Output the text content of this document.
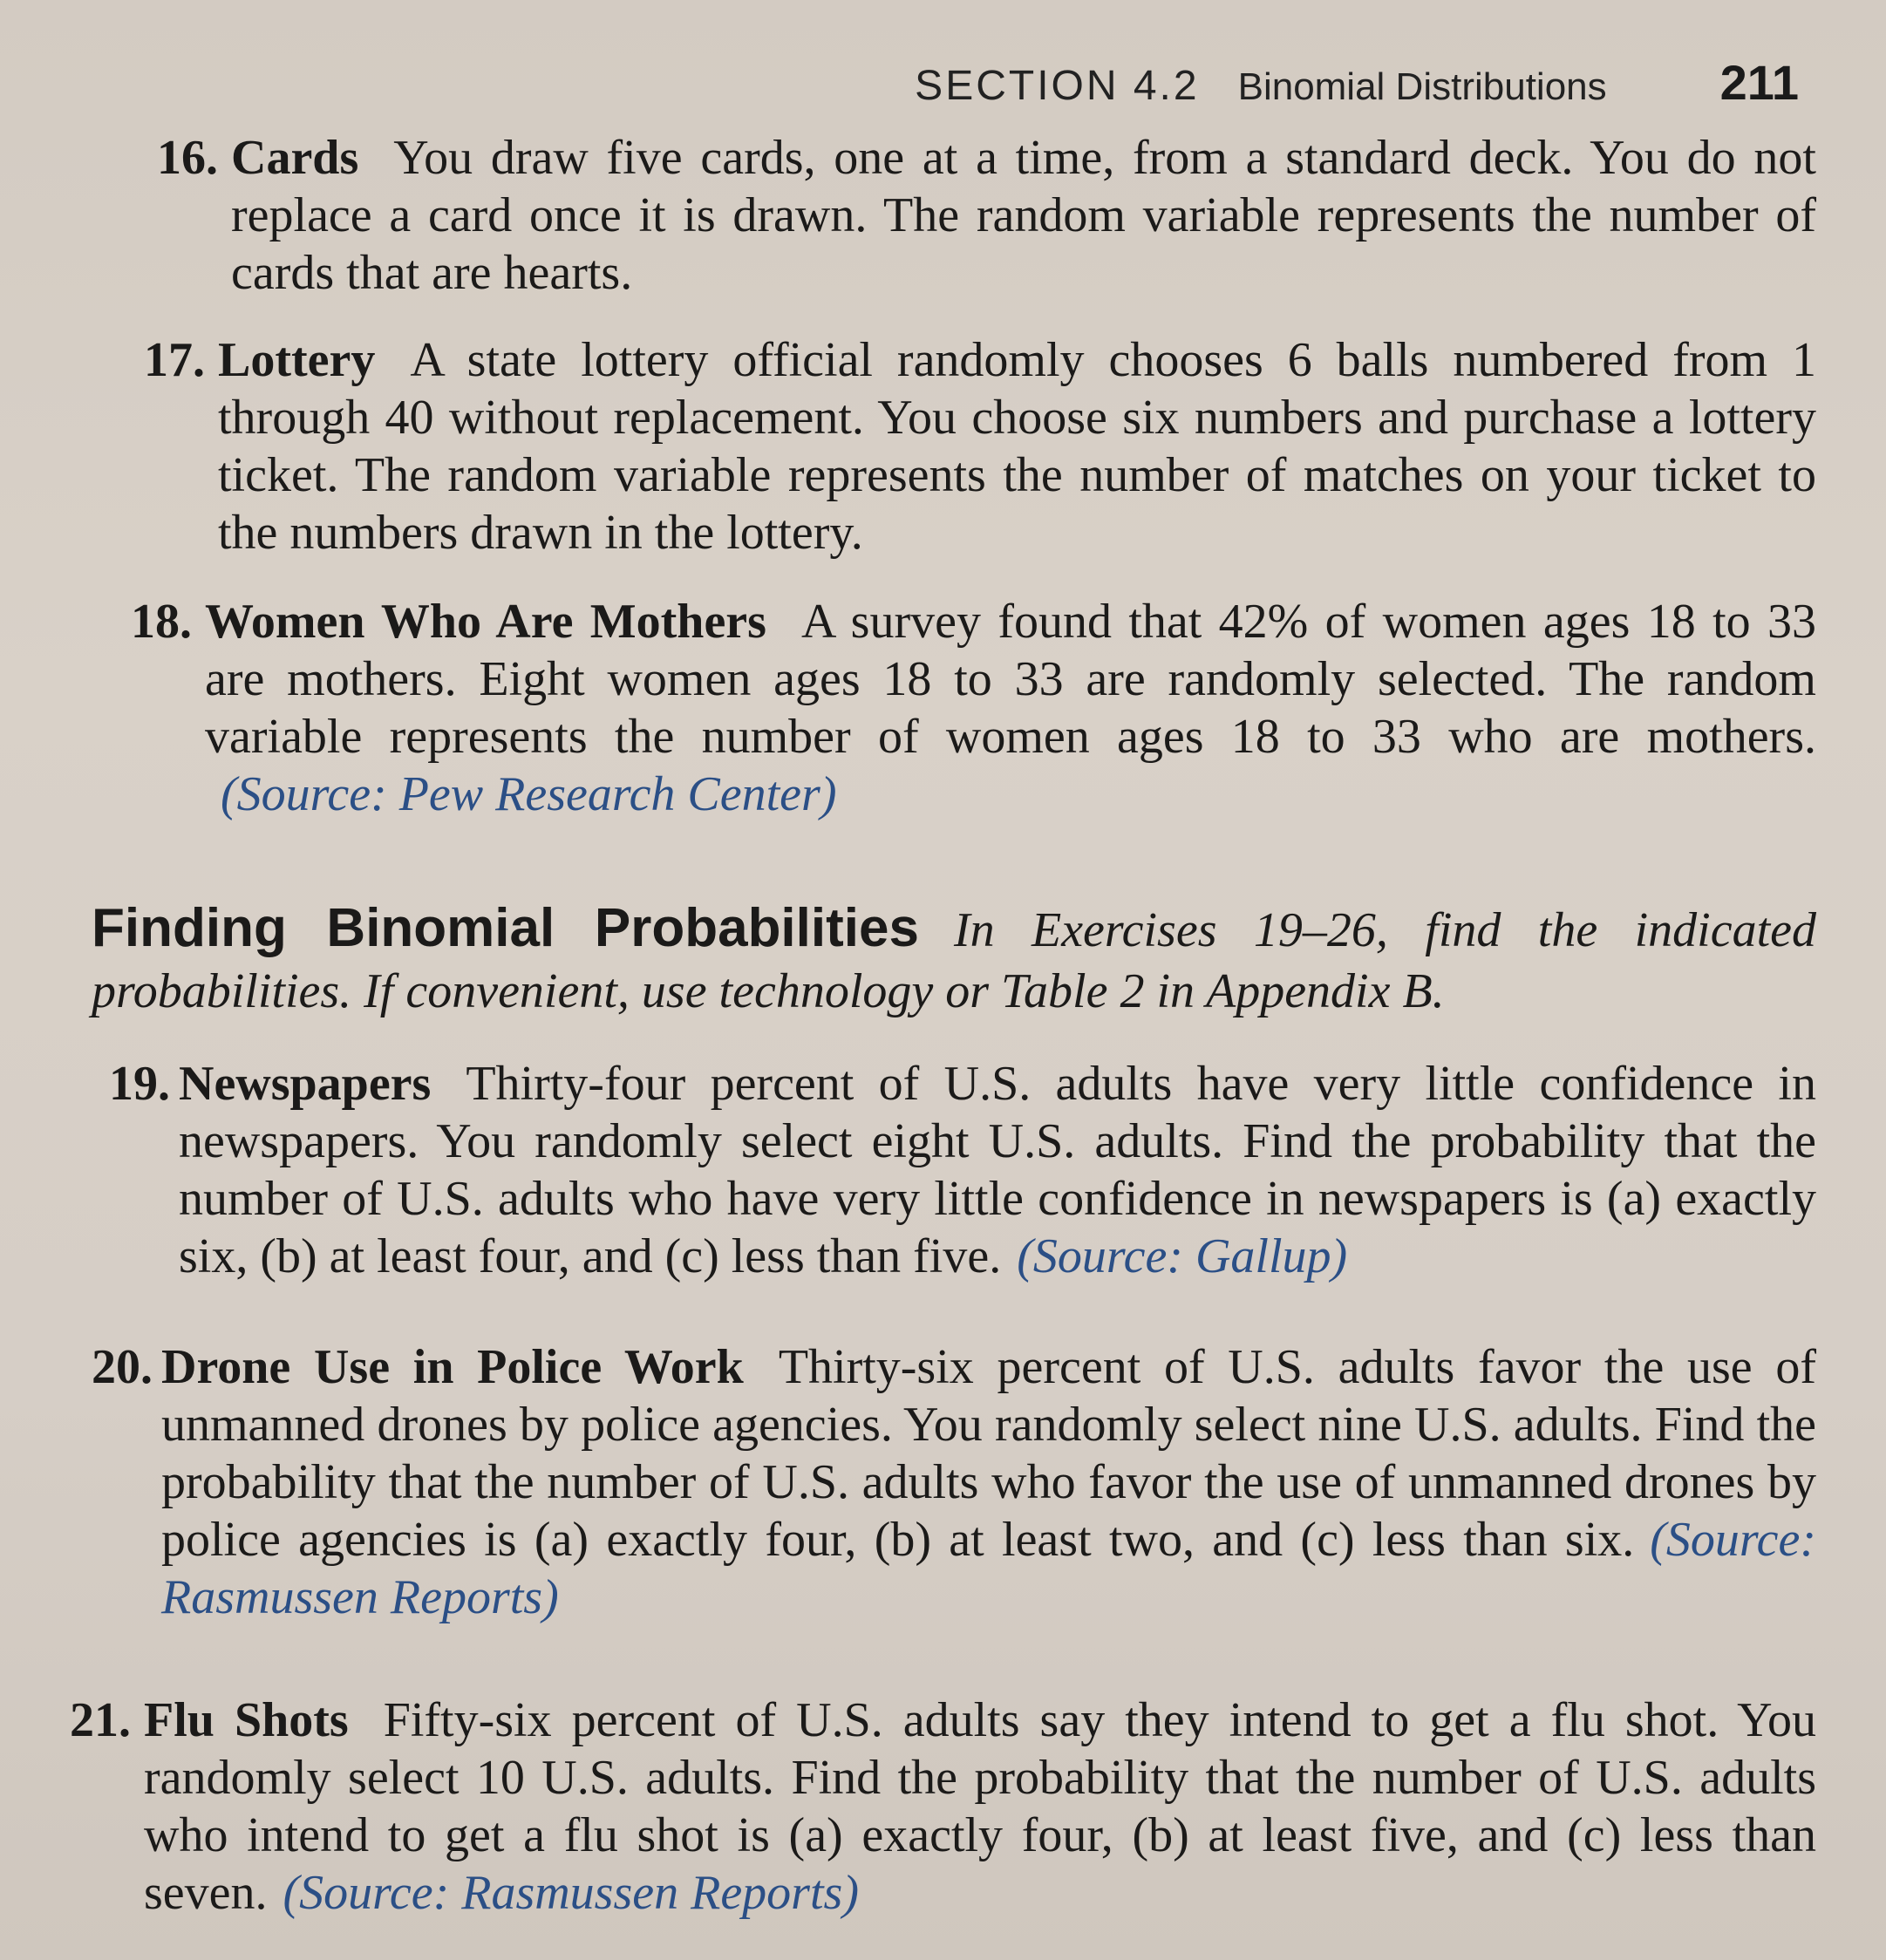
SECTION 4.2 Binomial Distributions 211
16. Cards You draw five cards, one at a time, from a standard deck. You do not replace a card once it is drawn. The random variable represents the number of cards that are hearts.
17. Lottery A state lottery official randomly chooses 6 balls numbered from 1 through 40 without replacement. You choose six numbers and purchase a lottery ticket. The random variable represents the number of matches on your ticket to the numbers drawn in the lottery.
18. Women Who Are Mothers A survey found that 42% of women ages 18 to 33 are mothers. Eight women ages 18 to 33 are randomly selected. The random variable represents the number of women ages 18 to 33 who are mothers.(Source: Pew Research Center)
Finding Binomial Probabilities In Exercises 19–26, find the indicated probabilities. If convenient, use technology or Table 2 in Appendix B.
19. Newspapers Thirty-four percent of U.S. adults have very little confidence in newspapers. You randomly select eight U.S. adults. Find the probability that the number of U.S. adults who have very little confidence in newspapers is (a) exactly six, (b) at least four, and (c) less than five. (Source: Gallup)
20. Drone Use in Police Work Thirty-six percent of U.S. adults favor the use of unmanned drones by police agencies. You randomly select nine U.S. adults. Find the probability that the number of U.S. adults who favor the use of unmanned drones by police agencies is (a) exactly four, (b) at least two, and (c) less than six. (Source: Rasmussen Reports)
21. Flu Shots Fifty-six percent of U.S. adults say they intend to get a flu shot. You randomly select 10 U.S. adults. Find the probability that the number of U.S. adults who intend to get a flu shot is (a) exactly four, (b) at least five, and (c) less than seven. (Source: Rasmussen Reports)
